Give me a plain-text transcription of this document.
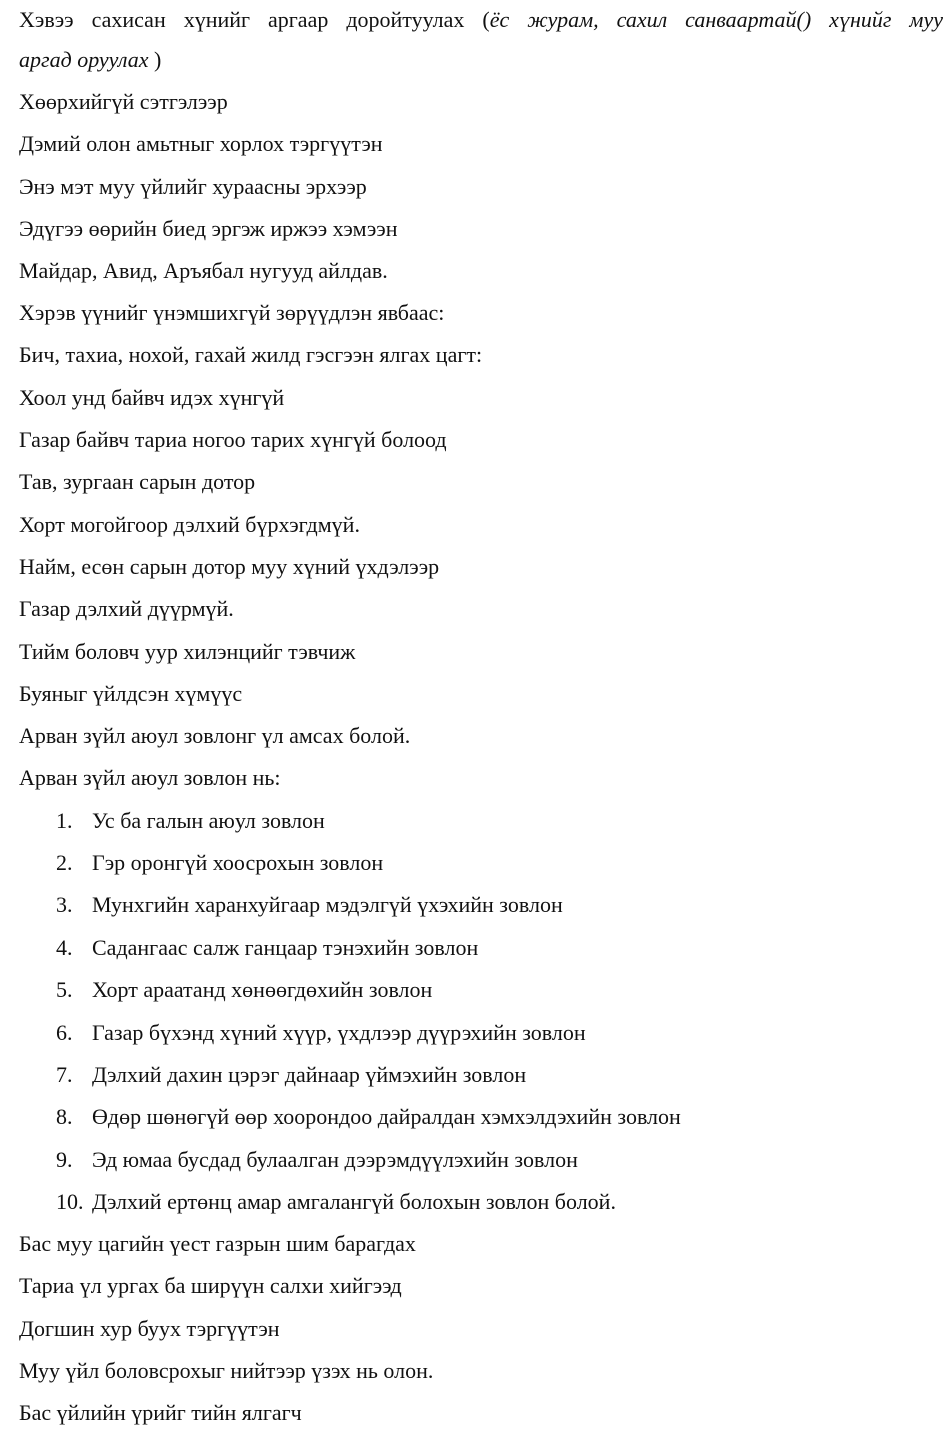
Хэвээ сахисан хүнийг аргаар доройтуулах (ёс журам, сахил санваартай() хүнийг муу
аргад оруулах )
Хөөрхийгүй сэтгэлээр
Дэмий олон амьтныг хорлох тэргүүтэн
Энэ мэт муу үйлийг хураасны эрхээр
Эдүгээ өөрийн биед эргэж иржээ хэмээн
Майдар, Авид, Аръябал нугууд айлдав.
Хэрэв үүнийг үнэмшихгүй зөрүүдлэн явбаас:
Бич, тахиа, нохой, гахай жилд гэсгээн ялгах цагт:
Хоол унд байвч идэх хүнгүй
Газар байвч тариа ногоо тарих хүнгүй болоод
Тав, зургаан сарын дотор
Хорт могойгоор дэлхий бүрхэгдмүй.
Найм, есөн сарын дотор муу хүний үхдэлээр
Газар дэлхий дүүрмүй.
Тийм боловч уур хилэнцийг тэвчиж
Буяныг үйлдсэн хүмүүс
Арван зүйл аюул зовлонг үл амсах болой.
Арван зүйл аюул зовлон нь:
1. Ус ба галын аюул зовлон
2. Гэр оронгүй хоосрохын зовлон
3. Мунхгийн харанхуйгаар мэдэлгүй үхэхийн зовлон
4. Садангаас салж ганцаар тэнэхийн зовлон
5. Хорт араатанд хөнөөгдөхийн зовлон
6. Газар бүхэнд хүний хүүр, үхдлээр дүүрэхийн зовлон
7. Дэлхий дахин цэрэг дайнаар үймэхийн зовлон
8. Өдөр шөнөгүй өөр хоорондоо дайралдан хэмхэлдэхийн зовлон
9. Эд юмаа бусдад булаалган дээрэмдүүлэхийн зовлон
10. Дэлхий ертөнц амар амгалангүй болохын зовлон болой.
Бас муу цагийн үест газрын шим барагдах
Тариа үл ургах ба ширүүн салхи хийгээд
Догшин хур буух тэргүүтэн
Муу үйл боловсрохыг нийтээр үзэх нь олон.
Бас үйлийн үрийг тийн ялгагч
